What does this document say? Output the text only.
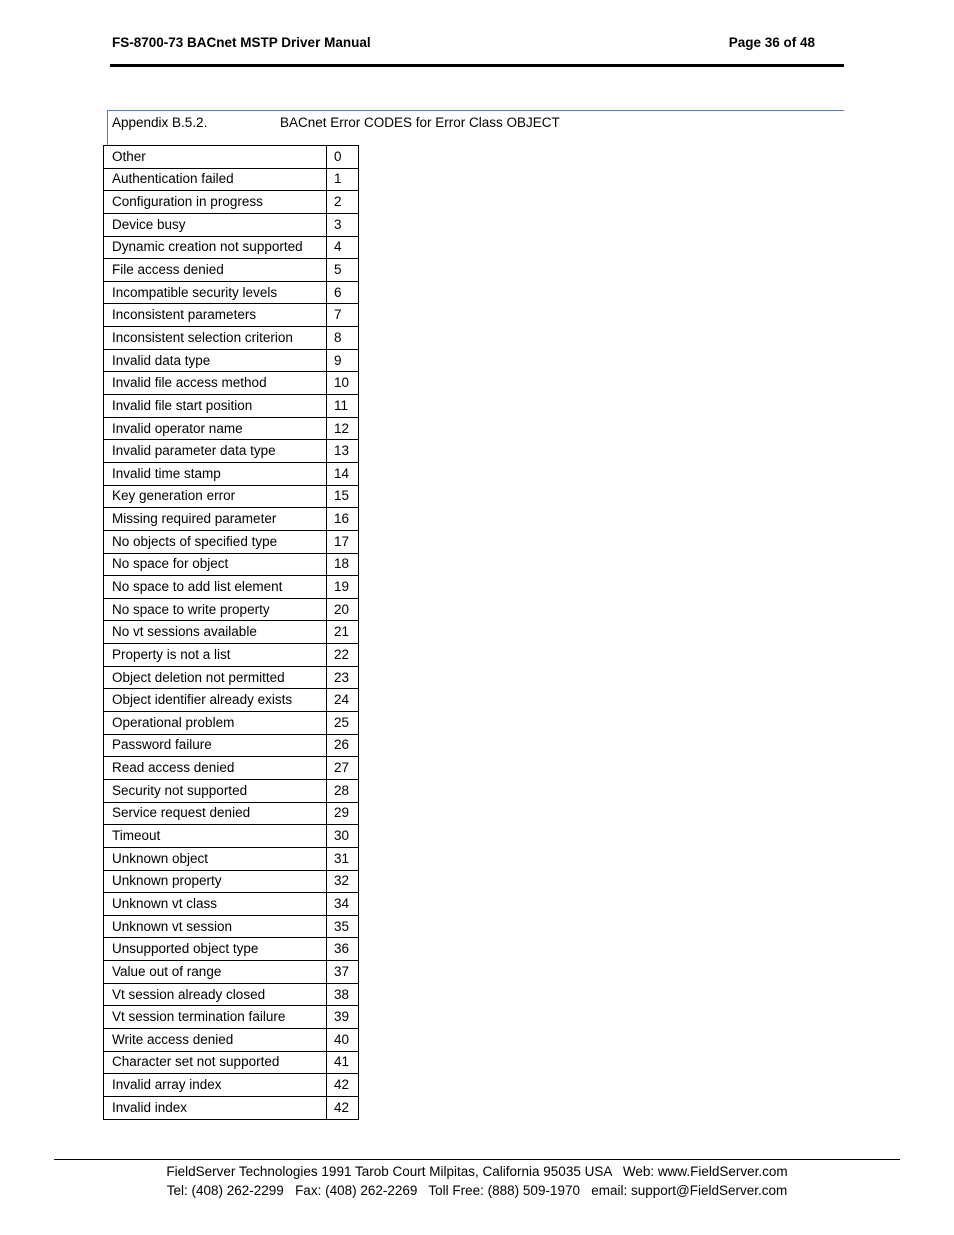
FS-8700-73 BACnet MSTP Driver Manual	Page 36 of 48
Appendix B.5.2.	BACnet Error CODES for Error Class OBJECT
Other	0
Authentication failed	1
Configuration in progress	2
Device busy	3
Dynamic creation not supported	4
File access denied	5
Incompatible security levels	6
Inconsistent parameters	7
Inconsistent selection criterion	8
Invalid data type	9
Invalid file access method	10
Invalid file start position	11
Invalid operator name	12
Invalid parameter data type	13
Invalid time stamp	14
Key generation error	15
Missing required parameter	16
No objects of specified type	17
No space for object	18
No space to add list element	19
No space to write property	20
No vt sessions available	21
Property is not a list	22
Object deletion not permitted	23
Object identifier already exists	24
Operational problem	25
Password failure	26
Read access denied	27
Security not supported	28
Service request denied	29
Timeout	30
Unknown object	31
Unknown property	32
Unknown vt class	34
Unknown vt session	35
Unsupported object type	36
Value out of range	37
Vt session already closed	38
Vt session termination failure	39
Write access denied	40
Character set not supported	41
Invalid array index	42
Invalid index	42
FieldServer Technologies 1991 Tarob Court Milpitas, California 95035 USA   Web: www.FieldServer.com
Tel: (408) 262-2299   Fax: (408) 262-2269   Toll Free: (888) 509-1970   email: support@FieldServer.com
